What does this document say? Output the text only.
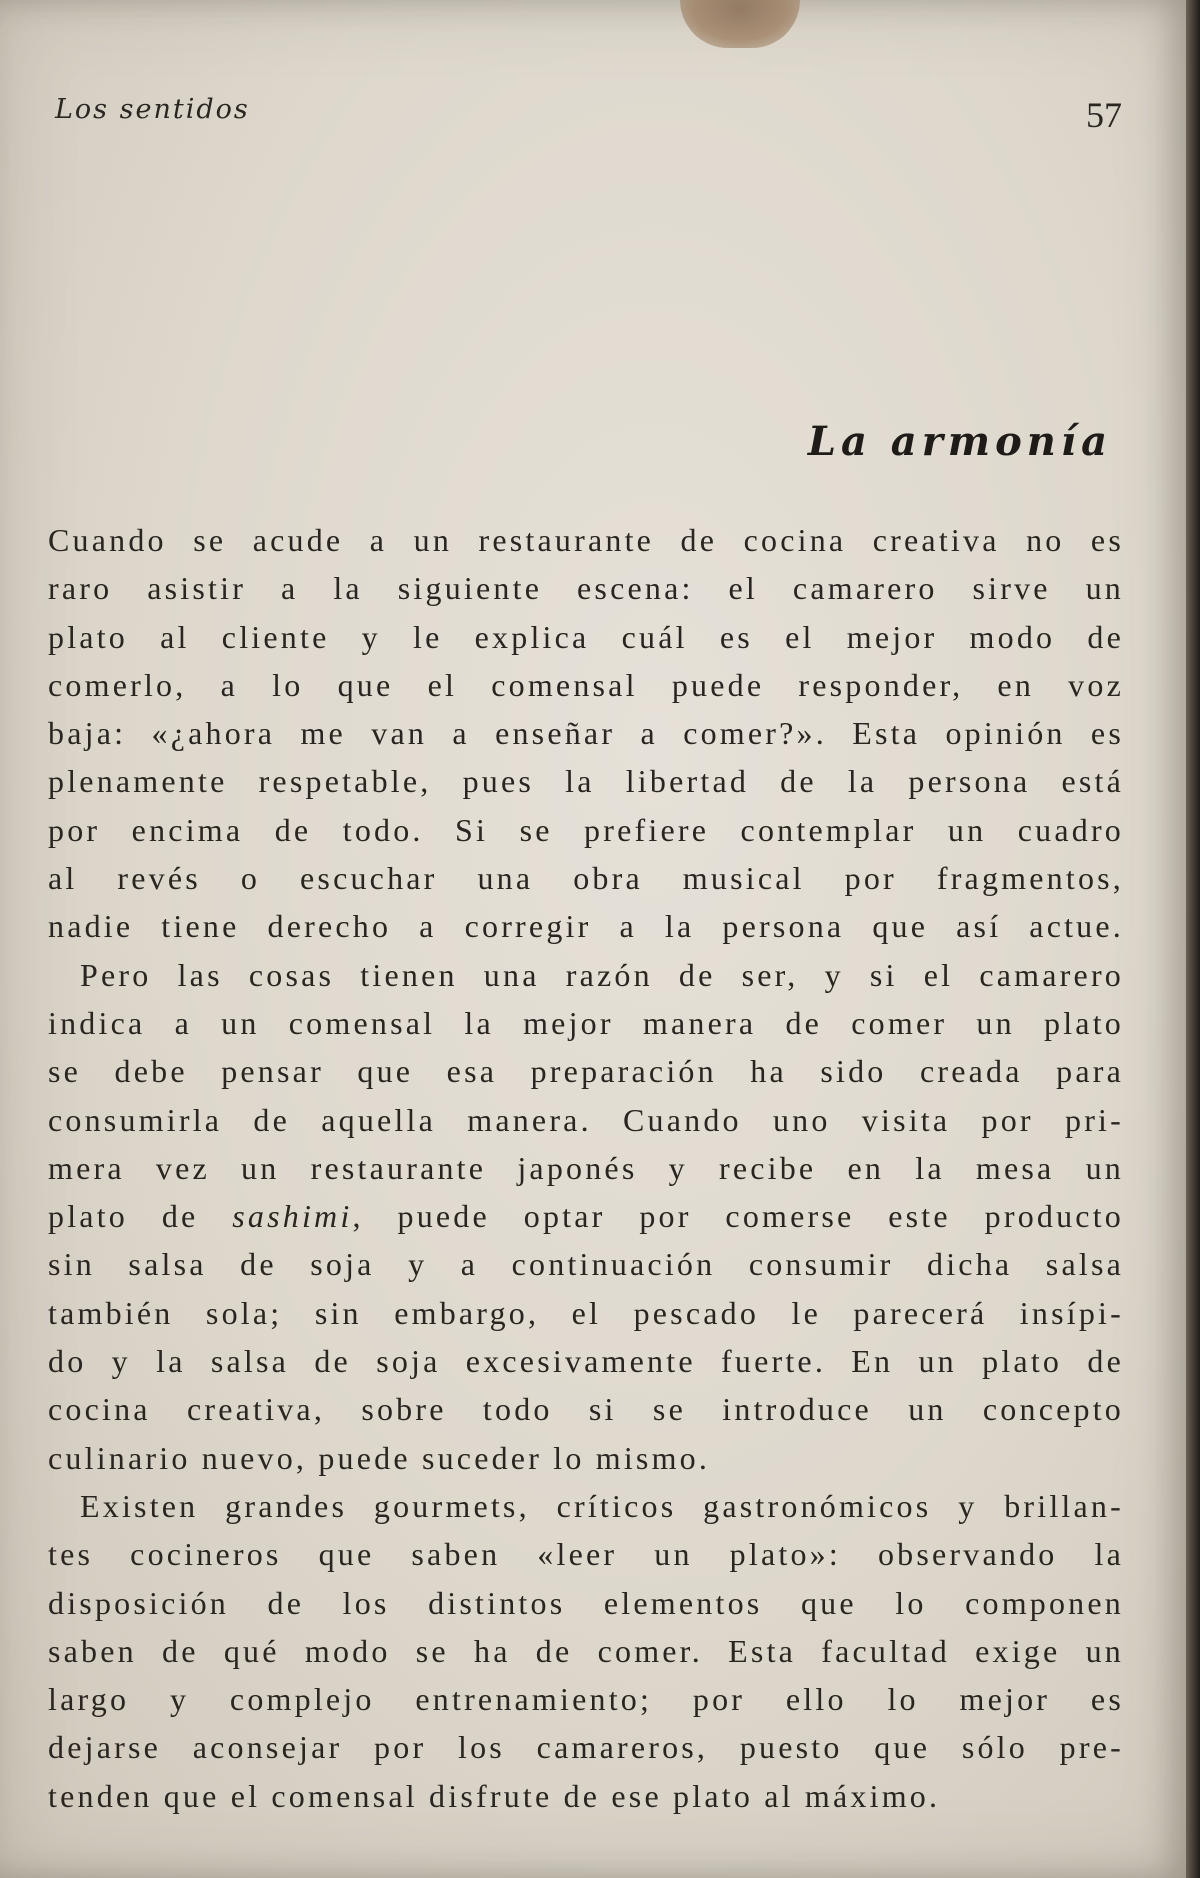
Los sentidos	57
La armonía
Cuando se acude a un restaurante de cocina creativa no es
raro asistir a la siguiente escena: el camarero sirve un
plato al cliente y le explica cuál es el mejor modo de
comerlo, a lo que el comensal puede responder, en voz
baja: «¿ahora me van a enseñar a comer?». Esta opinión es
plenamente respetable, pues la libertad de la persona está
por encima de todo. Si se prefiere contemplar un cuadro
al revés o escuchar una obra musical por fragmentos,
nadie tiene derecho a corregir a la persona que así actue.
Pero las cosas tienen una razón de ser, y si el camarero
indica a un comensal la mejor manera de comer un plato
se debe pensar que esa preparación ha sido creada para
consumirla de aquella manera. Cuando uno visita por pri-
mera vez un restaurante japonés y recibe en la mesa un
plato de sashimi, puede optar por comerse este producto
sin salsa de soja y a continuación consumir dicha salsa
también sola; sin embargo, el pescado le parecerá insípi-
do y la salsa de soja excesivamente fuerte. En un plato de
cocina creativa, sobre todo si se introduce un concepto
culinario nuevo, puede suceder lo mismo.
Existen grandes gourmets, críticos gastronómicos y brillan-
tes cocineros que saben «leer un plato»: observando la
disposición de los distintos elementos que lo componen
saben de qué modo se ha de comer. Esta facultad exige un
largo y complejo entrenamiento; por ello lo mejor es
dejarse aconsejar por los camareros, puesto que sólo pre-
tenden que el comensal disfrute de ese plato al máximo.
